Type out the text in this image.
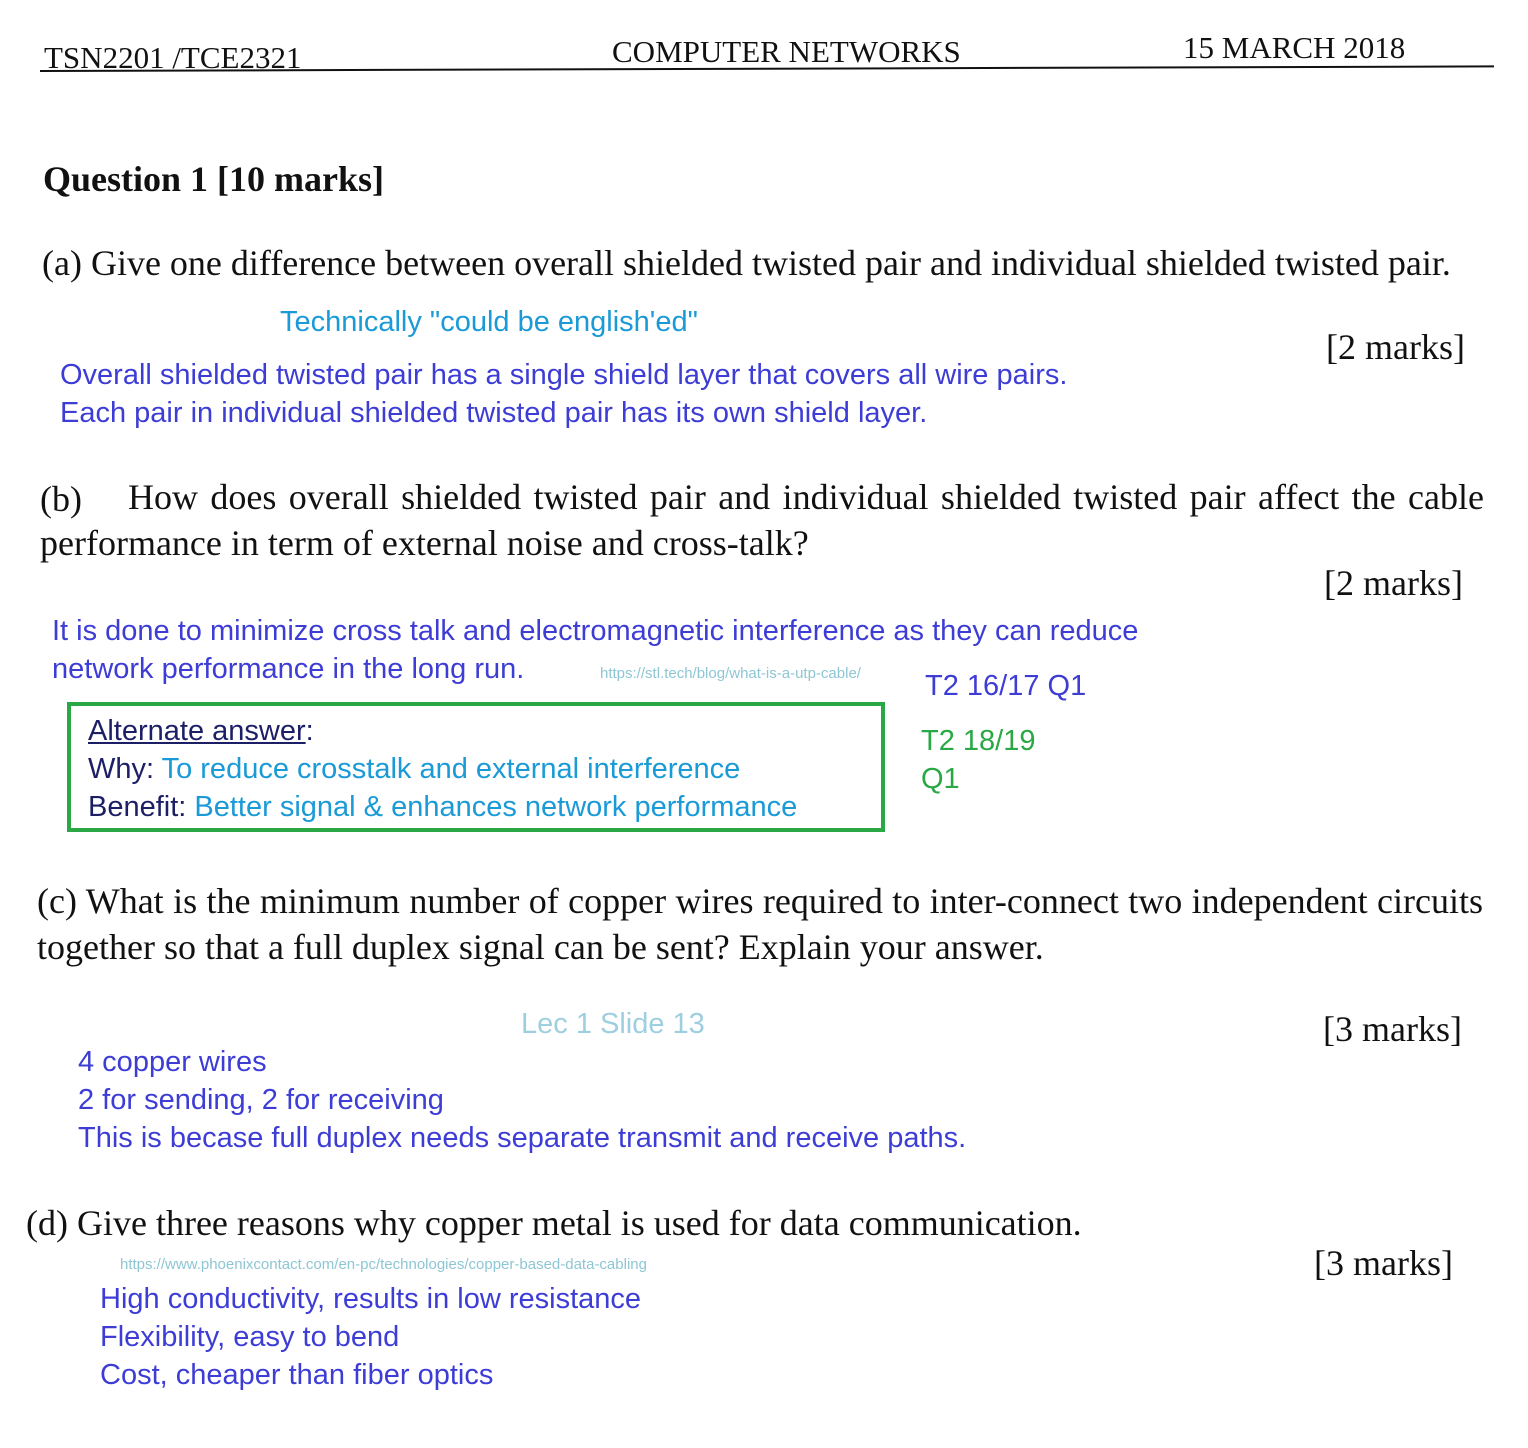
TSN2201 /TCE2321	COMPUTER NETWORKS	15 MARCH 2018
Question 1 [10 marks]
(a) Give one difference between overall shielded twisted pair and individual shielded twisted pair.
Technically "could be english'ed"
[2 marks]
Overall shielded twisted pair has a single shield layer that covers all wire pairs.
Each pair in individual shielded twisted pair has its own shield layer.
(b)	How does overall shielded twisted pair and individual shielded twisted pair affect the cable performance in term of external noise and cross-talk?
[2 marks]
It is done to minimize cross talk and electromagnetic interference as they can reduce
network performance in the long run.	https://stl.tech/blog/what-is-a-utp-cable/ T2 16/17 Q1
Alternate answer:
Why: To reduce crosstalk and external interference
Benefit: Better signal & enhances network performance
T2 18/19
Q1
(c) What is the minimum number of copper wires required to inter-connect two independent circuits together so that a full duplex signal can be sent? Explain your answer.
Lec 1 Slide 13	[3 marks]
4 copper wires
2 for sending, 2 for receiving
This is becase full duplex needs separate transmit and receive paths.
(d) Give three reasons why copper metal is used for data communication.
https://www.phoenixcontact.com/en-pc/technologies/copper-based-data-cabling	[3 marks]
High conductivity, results in low resistance
Flexibility, easy to bend
Cost, cheaper than fiber optics
